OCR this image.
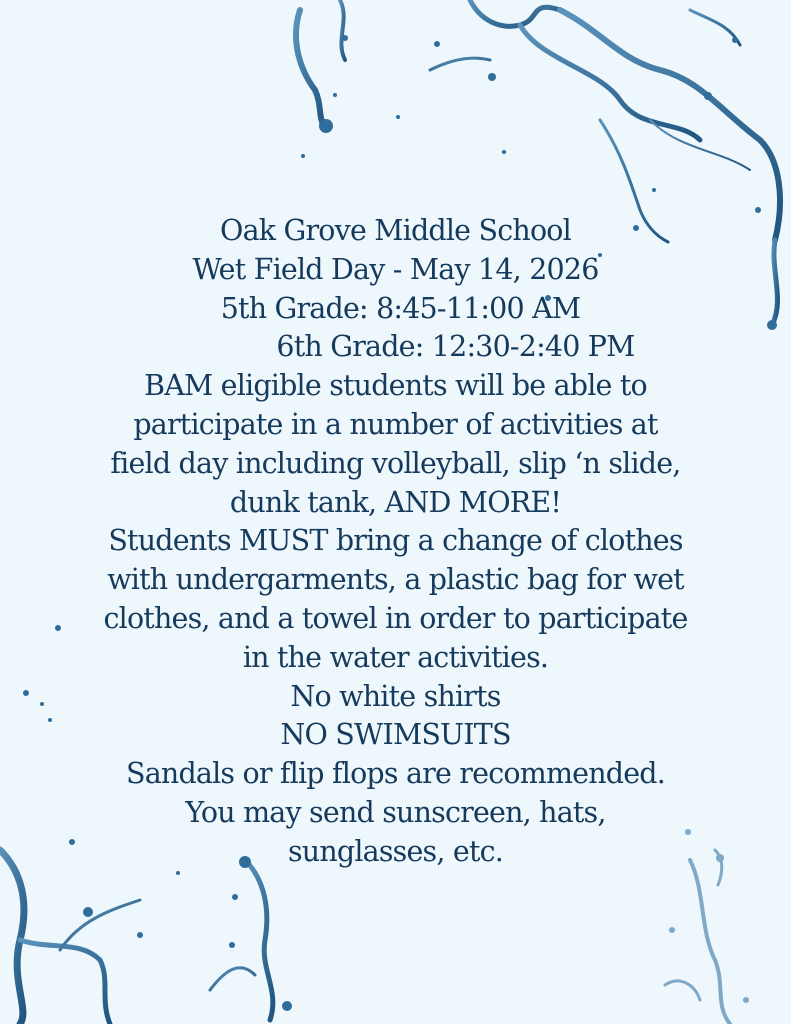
Oak Grove Middle School
Wet Field Day - May 14, 2026
5th Grade: 8:45-11:00 AM
6th Grade: 12:30-2:40 PM
BAM eligible students will be able to
participate in a number of activities at
field day including volleyball, slip ‘n slide,
dunk tank, AND MORE!
Students MUST bring a change of clothes
with undergarments, a plastic bag for wet
clothes, and a towel in order to participate
in the water activities.
No white shirts
NO SWIMSUITS
Sandals or flip flops are recommended.
You may send sunscreen, hats,
sunglasses, etc.
